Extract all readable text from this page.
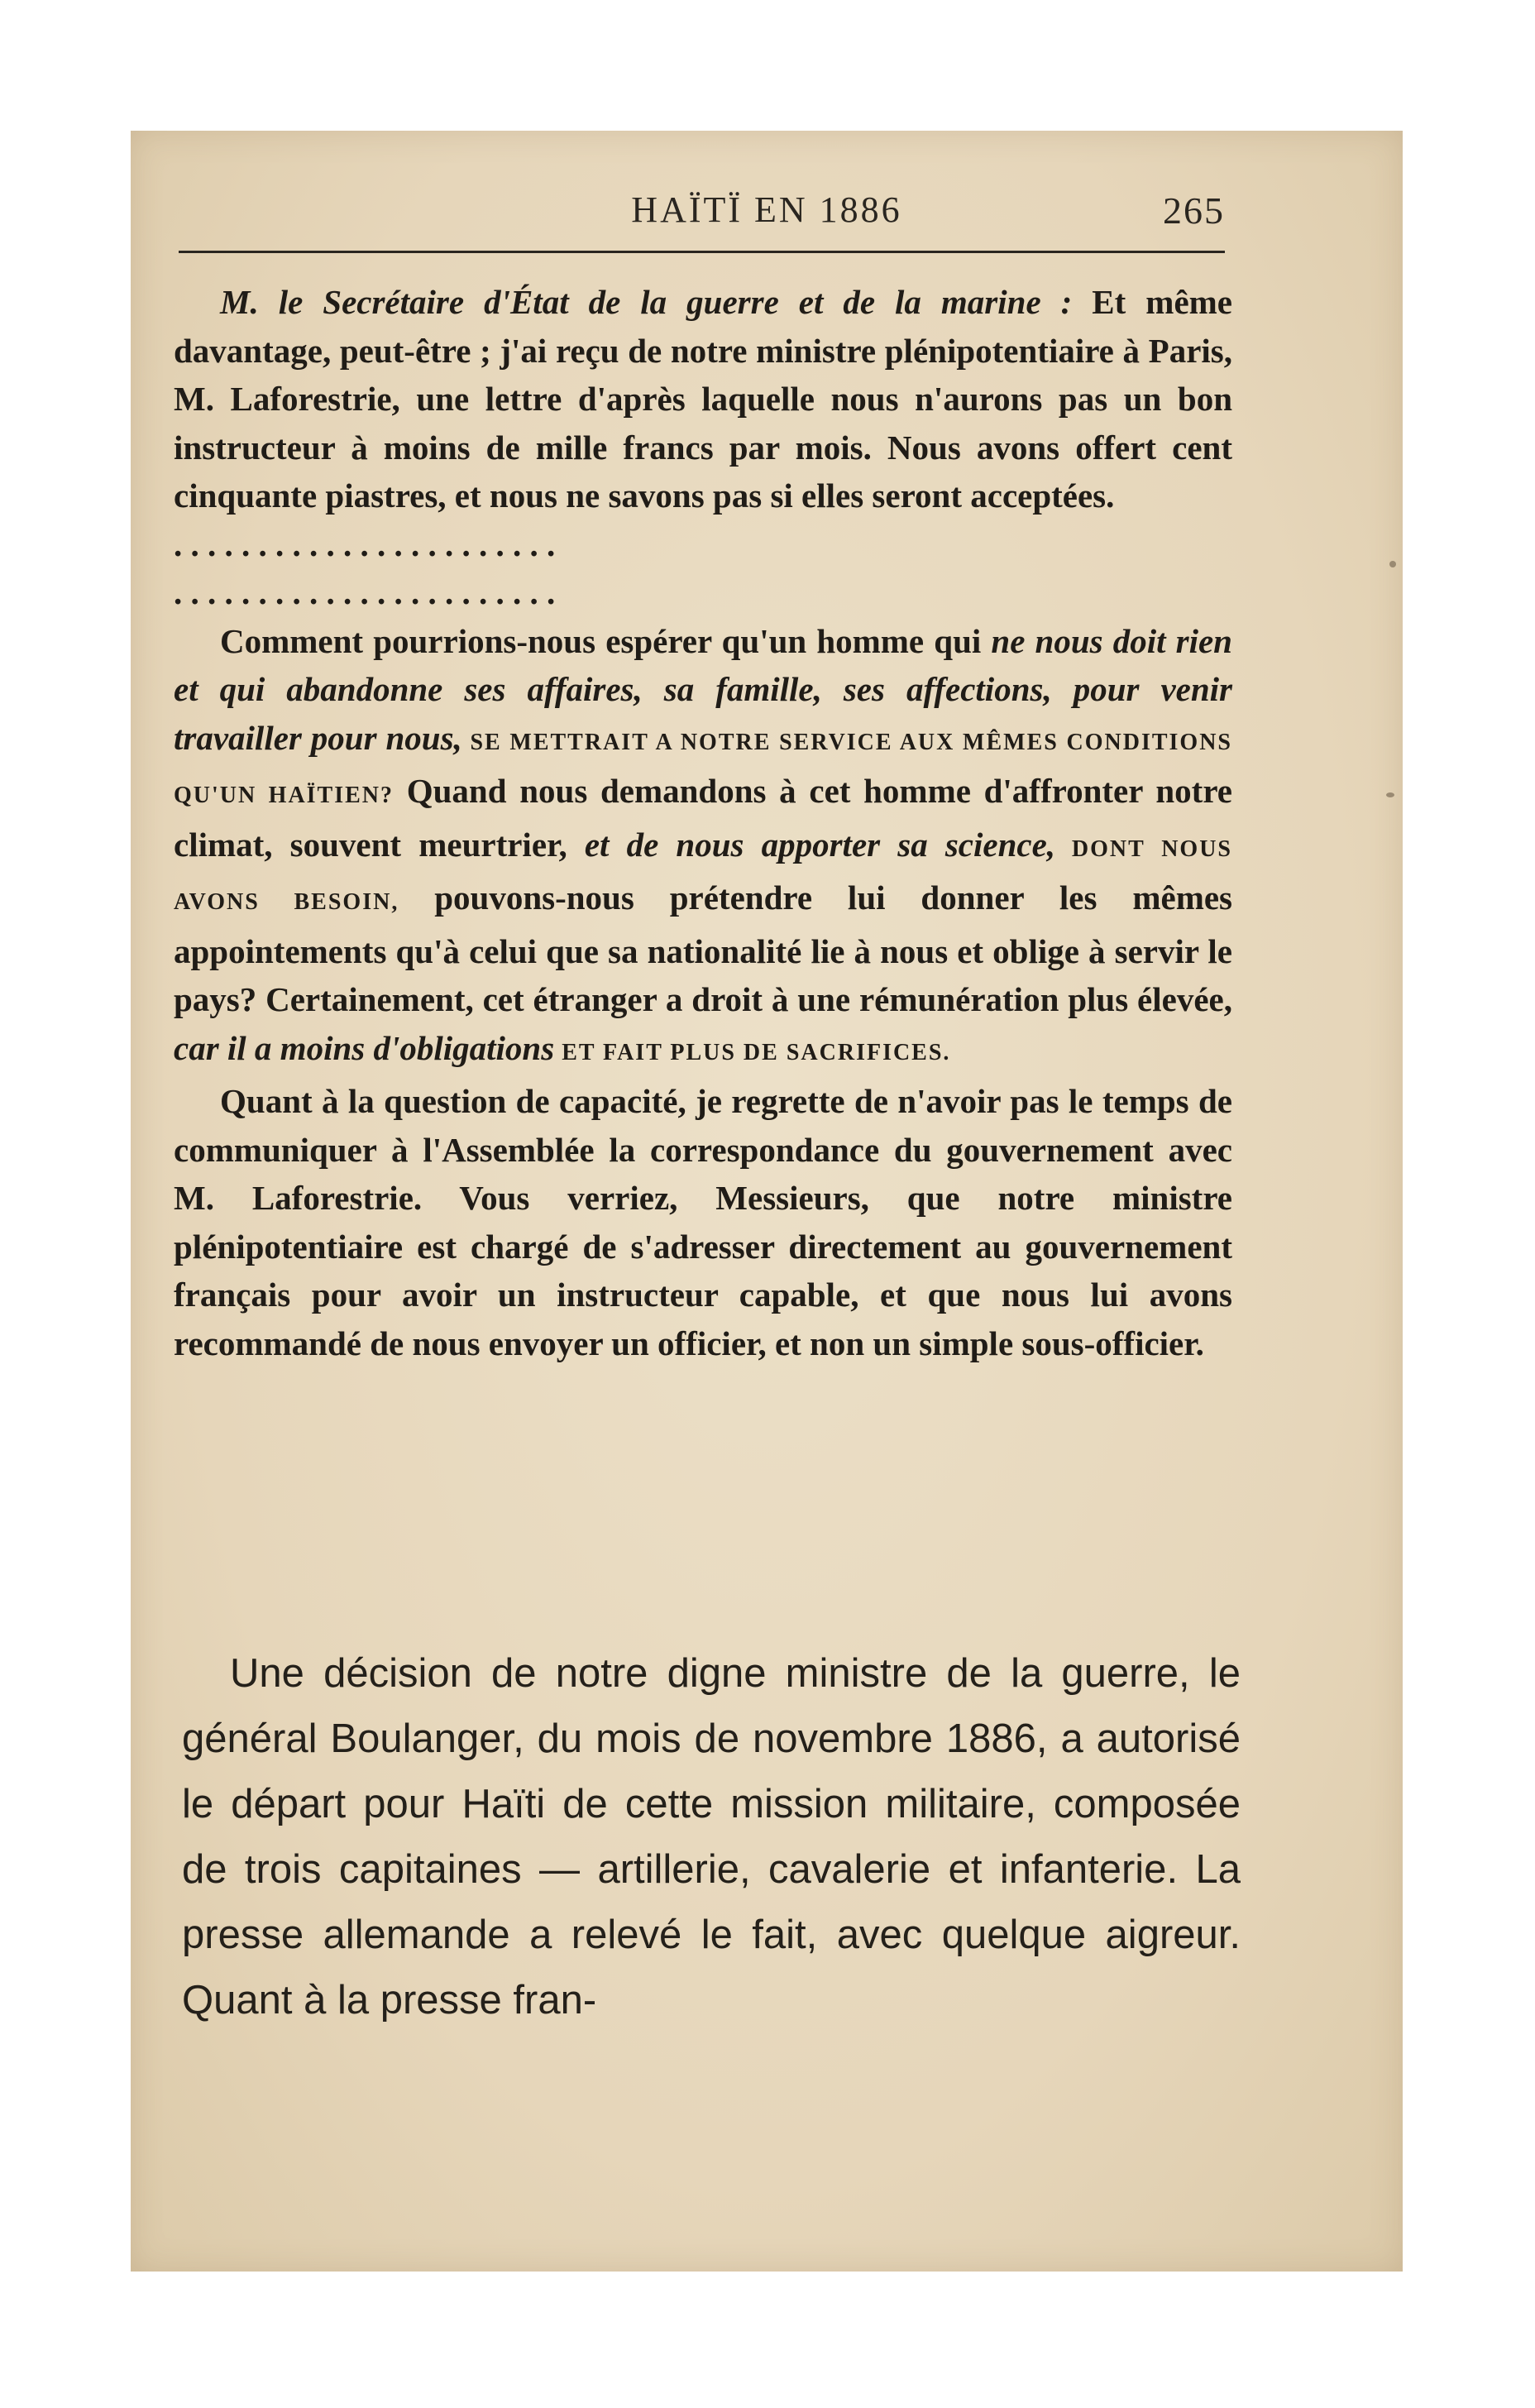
HAÏTÏ EN 1886	265

M. le Secrétaire d'État de la guerre et de la marine : Et même davantage, peut-être ; j'ai reçu de notre ministre plénipotentiaire à Paris, M. Laforestrie, une lettre d'après laquelle nous n'aurons pas un bon instructeur à moins de mille francs par mois. Nous avons offert cent cinquante piastres, et nous ne savons pas si elles seront acceptées.

. . . . . . . . . . . . . . . . . . . . . . .
. . . . . . . . . . . . . . . . . . . . . . .

Comment pourrions-nous espérer qu'un homme qui ne nous doit rien et qui abandonne ses affaires, sa famille, ses affections, pour venir travailler pour nous, SE METTRAIT A NOTRE SERVICE AUX MÊMES CONDITIONS QU'UN HAÏTIEN? Quand nous demandons à cet homme d'affronter notre climat, souvent meurtrier, et de nous apporter sa science, DONT NOUS AVONS BESOIN, pouvons-nous prétendre lui donner les mêmes appointements qu'à celui que sa nationalité lie à nous et oblige à servir le pays? Certainement, cet étranger a droit à une rémunération plus élevée, car il a moins d'obligations ET FAIT PLUS DE SACRIFICES.

Quant à la question de capacité, je regrette de n'avoir pas le temps de communiquer à l'Assemblée la correspondance du gouvernement avec M. Laforestrie. Vous verriez, Messieurs, que notre ministre plénipotentiaire est chargé de s'adresser directement au gouvernement français pour avoir un instructeur capable, et que nous lui avons recommandé de nous envoyer un officier, et non un simple sous-officier.

Une décision de notre digne ministre de la guerre, le général Boulanger, du mois de novembre 1886, a autorisé le départ pour Haïti de cette mission militaire, composée de trois capitaines — artillerie, cavalerie et infanterie. La presse allemande a relevé le fait, avec quelque aigreur. Quant à la presse fran-
